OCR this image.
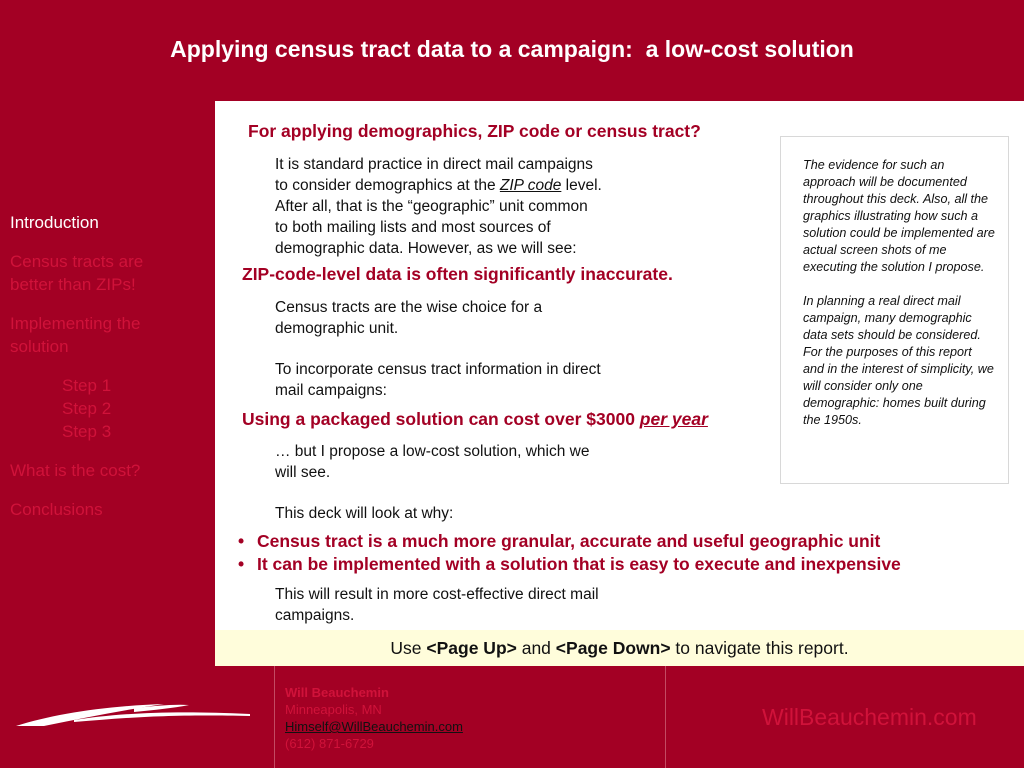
Applying census tract data to a campaign:  a low-cost solution
Introduction
Census tracts are better than ZIPs!
Implementing the
solution
Step 1
Step 2
Step 3
What is the cost?
Conclusions
For applying demographics, ZIP code or census tract?
It is standard practice in direct mail campaigns
to consider demographics at the ZIP code level.
After all, that is the “geographic” unit common
to both mailing lists and most sources of
demographic data. However, as we will see:
ZIP-code-level data is often significantly inaccurate.
Census tracts are the wise choice for a
demographic unit.
To incorporate census tract information in direct
mail campaigns:
Using a packaged solution can cost over $3000 per year
… but I propose a low-cost solution, which we
will see.
This deck will look at why:
• Census tract is a much more granular, accurate and useful geographic unit
• It can be implemented with a solution that is easy to execute and inexpensive
This will result in more cost-effective direct mail
campaigns.
The evidence for such an approach will be documented throughout this deck. Also, all the graphics illustrating how such a solution could be implemented are actual screen shots of me executing the solution I propose.
In planning a real direct mail campaign, many demographic data sets should be considered. For the purposes of this report and in the interest of simplicity, we will consider only one demographic: homes built during the 1950s.
Use <Page Up> and <Page Down> to navigate this report.
Will Beauchemin
Minneapolis, MN
Himself@WillBeauchemin.com
(612) 871-6729
WillBeauchemin.com
